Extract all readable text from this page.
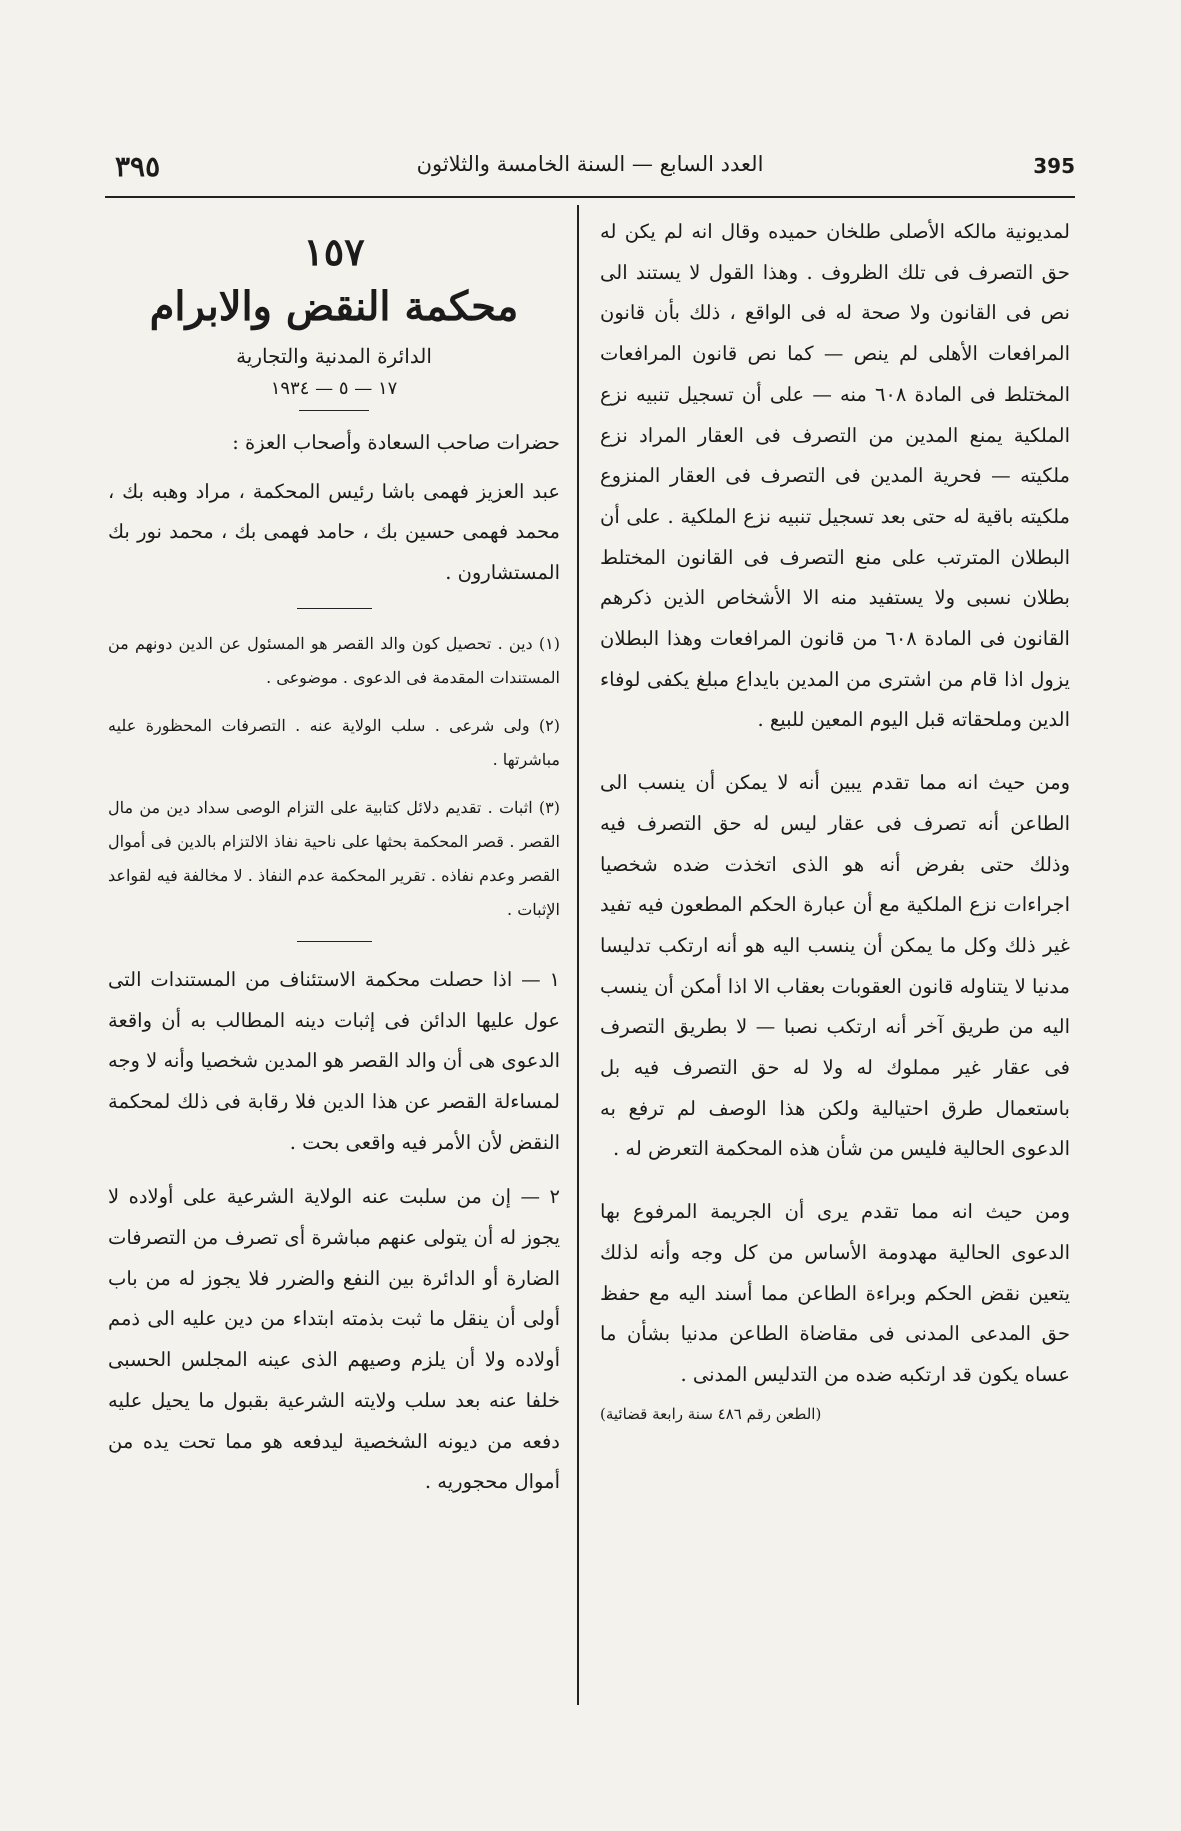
٣٩٥	العدد السابع — السنة الخامسة والثلاثون	395

لمديونية مالكه الأصلى طلخان حميده وقال انه لم يكن له حق التصرف فى تلك الظروف . وهذا القول لا يستند الى نص فى القانون ولا صحة له فى الواقع ، ذلك بأن قانون المرافعات الأهلى لم ينص — كما نص قانون المرافعات المختلط فى المادة ٦٠٨ منه — على أن تسجيل تنبيه نزع الملكية يمنع المدين من التصرف فى العقار المراد نزع ملكيته — فحرية المدين فى التصرف فى العقار المنزوع ملكيته باقية له حتى بعد تسجيل تنبيه نزع الملكية . على أن البطلان المترتب على منع التصرف فى القانون المختلط بطلان نسبى ولا يستفيد منه الا الأشخاص الذين ذكرهم القانون فى المادة ٦٠٨ من قانون المرافعات وهذا البطلان يزول اذا قام من اشترى من المدين بايداع مبلغ يكفى لوفاء الدين وملحقاته قبل اليوم المعين للبيع .

ومن حيث انه مما تقدم يبين أنه لا يمكن أن ينسب الى الطاعن أنه تصرف فى عقار ليس له حق التصرف فيه وذلك حتى بفرض أنه هو الذى اتخذت ضده شخصيا اجراءات نزع الملكية مع أن عبارة الحكم المطعون فيه تفيد غير ذلك وكل ما يمكن أن ينسب اليه هو أنه ارتكب تدليسا مدنيا لا يتناوله قانون العقوبات بعقاب الا اذا أمكن أن ينسب اليه من طريق آخر أنه ارتكب نصبا — لا بطريق التصرف فى عقار غير مملوك له ولا له حق التصرف فيه بل باستعمال طرق احتيالية ولكن هذا الوصف لم ترفع به الدعوى الحالية فليس من شأن هذه المحكمة التعرض له .

ومن حيث انه مما تقدم يرى أن الجريمة المرفوع بها الدعوى الحالية مهدومة الأساس من كل وجه وأنه لذلك يتعين نقض الحكم وبراءة الطاعن مما أسند اليه مع حفظ حق المدعى المدنى فى مقاضاة الطاعن مدنيا بشأن ما عساه يكون قد ارتكبه ضده من التدليس المدنى .

(الطعن رقم ٤٨٦ سنة رابعة قضائية)
١٥٧
محكمة النقض والابرام
الدائرة المدنية والتجارية
١٧ — ٥ — ١٩٣٤

حضرات صاحب السعادة وأصحاب العزة :

عبد العزيز فهمى باشا رئيس المحكمة ، مراد وهبه بك ، محمد فهمى حسين بك ، حامد فهمى بك ، محمد نور بك المستشارون .

(١) دين . تحصيل كون والد القصر هو المسئول عن الدين دونهم من المستندات المقدمة فى الدعوى . موضوعى .

(٢) ولى شرعى . سلب الولاية عنه . التصرفات المحظورة عليه مباشرتها .

(٣) اثبات . تقديم دلائل كتابية على التزام الوصى سداد دين من مال القصر . قصر المحكمة بحثها على ناحية نفاذ الالتزام بالدين فى أموال القصر وعدم نفاذه . تقرير المحكمة عدم النفاذ . لا مخالفة فيه لقواعد الإثبات .

١ — اذا حصلت محكمة الاستئناف من المستندات التى عول عليها الدائن فى إثبات دينه المطالب به أن واقعة الدعوى هى أن والد القصر هو المدين شخصيا وأنه لا وجه لمساءلة القصر عن هذا الدين فلا رقابة فى ذلك لمحكمة النقض لأن الأمر فيه واقعى بحت .

٢ — إن من سلبت عنه الولاية الشرعية على أولاده لا يجوز له أن يتولى عنهم مباشرة أى تصرف من التصرفات الضارة أو الدائرة بين النفع والضرر فلا يجوز له من باب أولى أن ينقل ما ثبت بذمته ابتداء من دين عليه الى ذمم أولاده ولا أن يلزم وصيهم الذى عينه المجلس الحسبى خلفا عنه بعد سلب ولايته الشرعية بقبول ما يحيل عليه دفعه من ديونه الشخصية ليدفعه هو مما تحت يده من أموال محجوريه .
